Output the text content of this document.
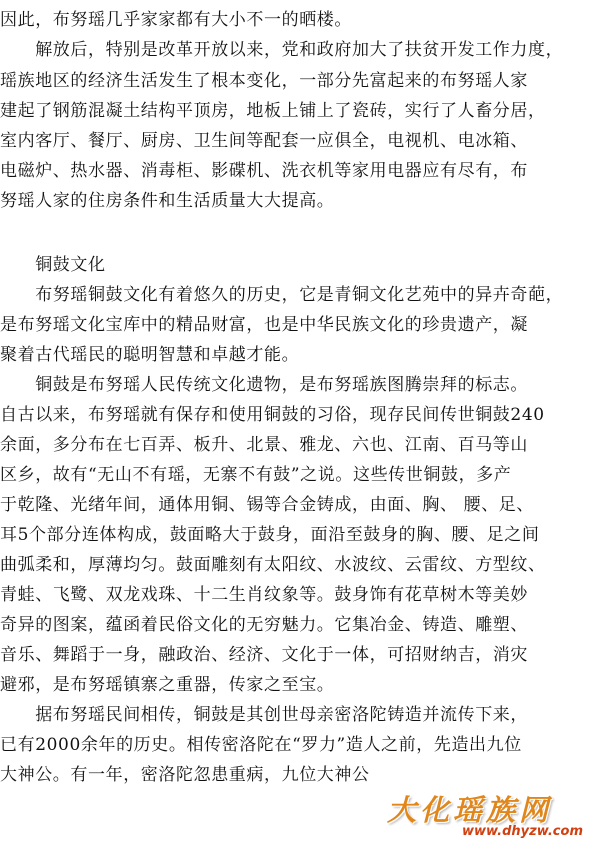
因此，布努瑶几乎家家都有大小不一的晒楼。
　　解放后，特别是改革开放以来，党和政府加大了扶贫开发工作力度，
瑶族地区的经济生活发生了根本变化，一部分先富起来的布努瑶人家
建起了钢筋混凝土结构平顶房，地板上铺上了瓷砖，实行了人畜分居，
室内客厅、餐厅、厨房、卫生间等配套一应俱全，电视机、电冰箱、
电磁炉、热水器、消毒柜、影碟机、洗衣机等家用电器应有尽有，布
努瑶人家的住房条件和生活质量大大提高。
　　铜鼓文化
　　布努瑶铜鼓文化有着悠久的历史，它是青铜文化艺苑中的异卉奇葩，
是布努瑶文化宝库中的精品财富，也是中华民族文化的珍贵遗产，凝
聚着古代瑶民的聪明智慧和卓越才能。
　　铜鼓是布努瑶人民传统文化遗物，是布努瑶族图腾崇拜的标志。
自古以来，布努瑶就有保存和使用铜鼓的习俗，现存民间传世铜鼓240
余面，多分布在七百弄、板升、北景、雅龙、六也、江南、百马等山
区乡，故有“无山不有瑶，无寨不有鼓”之说。这些传世铜鼓，多产
于乾隆、光绪年间，通体用铜、锡等合金铸成，由面、胸、 腰、足、
耳5个部分连体构成，鼓面略大于鼓身，面沿至鼓身的胸、腰、足之间
曲弧柔和，厚薄均匀。鼓面雕刻有太阳纹、水波纹、云雷纹、方型纹、
青蛙、飞鹭、双龙戏珠、十二生肖纹象等。鼓身饰有花草树木等美妙
奇异的图案，蕴函着民俗文化的无穷魅力。它集冶金、铸造、雕塑、
音乐、舞蹈于一身，融政治、经济、文化于一体，可招财纳吉，消灾
避邪，是布努瑶镇寨之重器，传家之至宝。
　　据布努瑶民间相传，铜鼓是其创世母亲密洛陀铸造并流传下来，
已有2000余年的历史。相传密洛陀在“罗力”造人之前，先造出九位
大神公。有一年，密洛陀忽患重病，九位大神公
大化瑶族网
www.dhyzw.com
